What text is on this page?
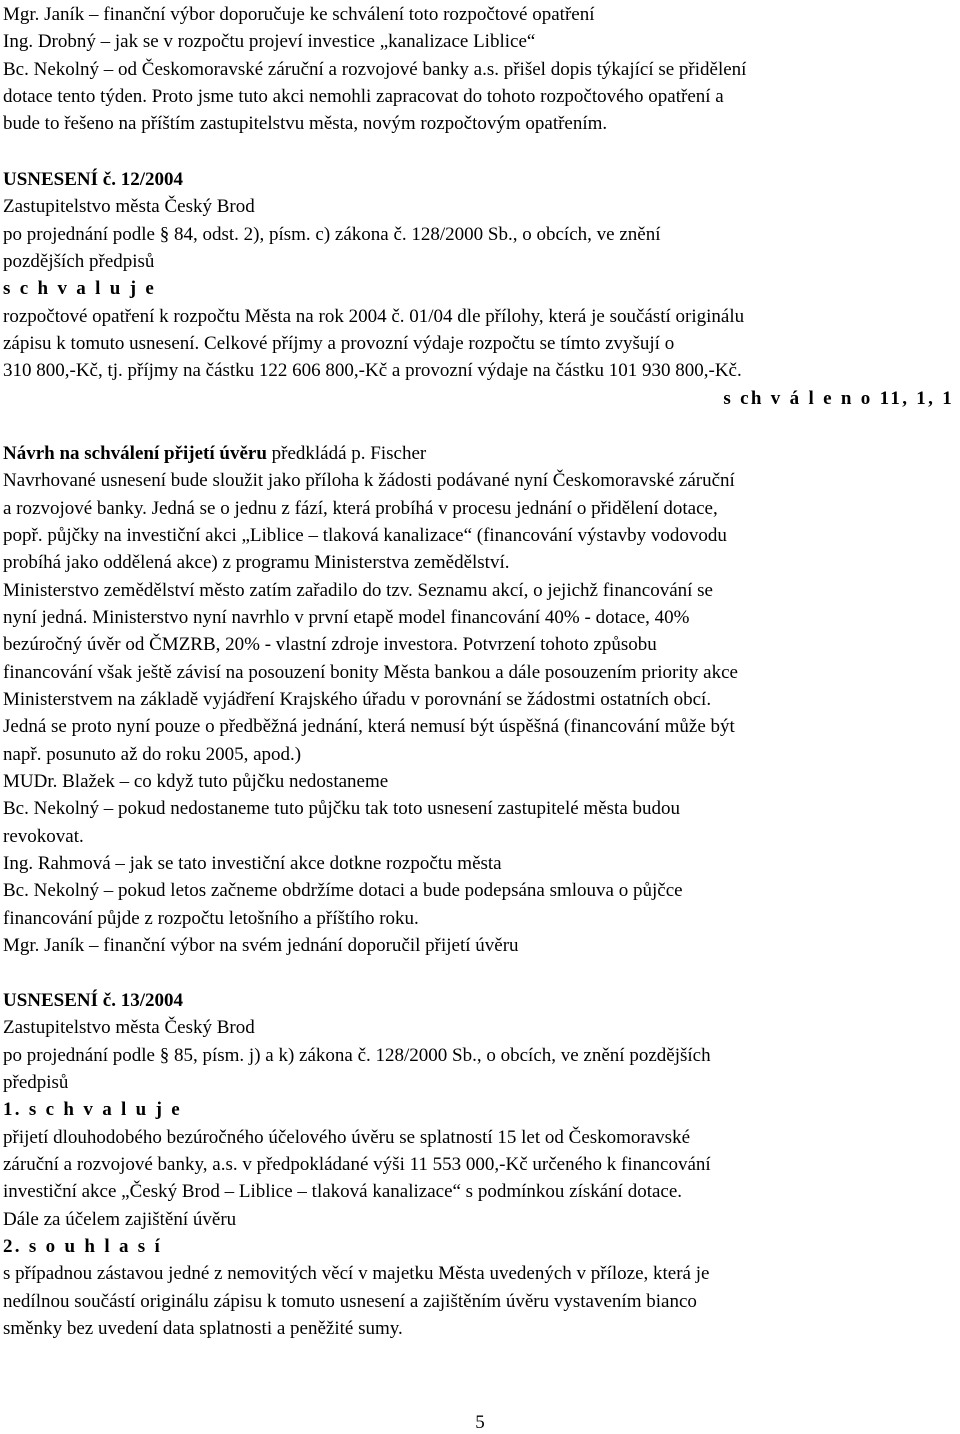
Mgr. Janík – finanční výbor doporučuje ke schválení toto rozpočtové opatření
Ing. Drobný – jak se v rozpočtu projeví investice „kanalizace Liblice“
Bc. Nekolný – od Českomoravské záruční a rozvojové banky a.s. přišel dopis týkající se přidělení
dotace tento týden. Proto jsme tuto akci nemohli zapracovat do tohoto rozpočtového opatření a
bude to řešeno na příštím zastupitelstvu města, novým rozpočtovým opatřením.
USNESENÍ č. 12/2004
Zastupitelstvo města Český Brod
po projednání podle § 84, odst. 2), písm. c) zákona č. 128/2000 Sb., o obcích, ve znění
pozdějších předpisů
s c h v a l u j e
rozpočtové opatření k rozpočtu Města na rok 2004 č. 01/04 dle přílohy, která je součástí originálu
zápisu k tomuto usnesení. Celkové příjmy a provozní výdaje rozpočtu se tímto zvyšují o
310 800,-Kč, tj. příjmy na částku 122 606 800,-Kč a provozní výdaje na částku 101 930 800,-Kč.
s ch v á l e n o 11, 1, 1
Návrh na schválení přijetí úvěru předkládá p. Fischer
Navrhované usnesení bude sloužit jako příloha k žádosti podávané nyní Českomoravské záruční
a rozvojové banky. Jedná se o jednu z fází, která probíhá v procesu jednání o přidělení dotace,
popř. půjčky na investiční akci „Liblice – tlaková kanalizace“ (financování výstavby vodovodu
probíhá jako oddělená akce) z programu Ministerstva zemědělství.
Ministerstvo zemědělství město zatím zařadilo do tzv. Seznamu akcí, o jejichž financování se
nyní jedná. Ministerstvo nyní navrhlo v první etapě model financování 40% - dotace, 40%
bezúročný úvěr od ČMZRB, 20% - vlastní zdroje investora. Potvrzení tohoto způsobu
financování však ještě závisí na posouzení bonity Města bankou a dále posouzením priority akce
Ministerstvem na základě vyjádření Krajského úřadu v porovnání se žádostmi ostatních obcí.
Jedná se proto nyní pouze o předběžná jednání, která nemusí být úspěšná (financování může být
např. posunuto až do roku 2005, apod.)
MUDr. Blažek – co když tuto půjčku nedostaneme
Bc. Nekolný – pokud nedostaneme tuto půjčku tak toto usnesení zastupitelé města budou
revokovat.
Ing. Rahmová – jak se tato investiční akce dotkne rozpočtu města
Bc. Nekolný – pokud letos začneme obdržíme dotaci a bude podepsána smlouva o půjčce
financování půjde z rozpočtu letošního a příštího roku.
Mgr. Janík – finanční výbor na svém jednání doporučil přijetí úvěru
USNESENÍ č. 13/2004
Zastupitelstvo města Český Brod
po projednání podle § 85, písm. j) a k) zákona č. 128/2000 Sb., o obcích, ve znění pozdějších
předpisů
1. s c h v a l u j e
přijetí dlouhodobého bezúročného účelového úvěru se splatností 15 let od Českomoravské
záruční a rozvojové banky, a.s. v předpokládané výši 11 553 000,-Kč určeného k financování
investiční akce „Český Brod – Liblice – tlaková kanalizace“ s podmínkou získání dotace.
Dále za účelem zajištění úvěru
2. s o u h l a s í
s případnou zástavou jedné z nemovitých věcí v majetku Města uvedených v příloze, která je
nedílnou součástí originálu zápisu k tomuto usnesení a zajištěním úvěru vystavením bianco
směnky bez uvedení data splatnosti a peněžité sumy.
5
